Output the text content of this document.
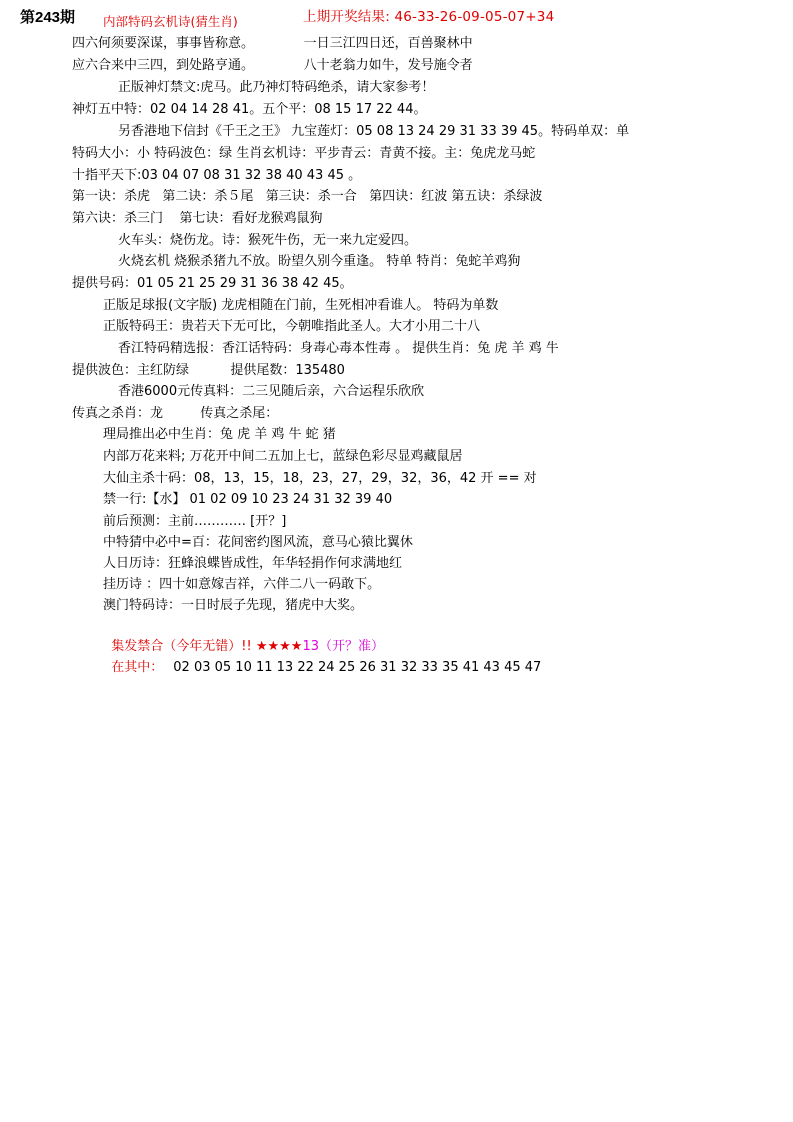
第243期 内部特码玄机诗(猜生肖)	上期开奖结果: 46-33-26-09-05-07+34
四六何须要深谋，事事皆称意。            一日三江四日还，百兽聚林中
应六合来中三四，到处路亨通。            八十老翁力如牛，发号施令者
正版神灯禁文:虎马。此乃神灯特码绝杀，请大家参考！
神灯五中特：02 04 14 28 41。五个平：08 15 17 22 44。
另香港地下信封《千王之王》 九宝莲灯：05 08 13 24 29 31 33 39 45。特码单双：单
特码大小：小 特码波色：绿 生肖玄机诗：平步青云：青黄不接。主：兔虎龙马蛇
十指平天下:03 04 07 08 31 32 38 40 43 45 。
第一诀：杀虎   第二诀：杀５尾   第三诀：杀一合   第四诀：红波 第五诀：杀绿波
第六诀：杀三门    第七诀：看好龙猴鸡鼠狗
火车头：烧伤龙。诗：猴死牛伤，无一来九定爱四。
火烧玄机 烧猴杀猪九不放。盼望久别今重逢。 特单 特肖：兔蛇羊鸡狗
提供号码：01 05 21 25 29 31 36 38 42 45。
正版足球报(文字版) 龙虎相随在门前，生死相冲看谁人。 特码为单数
正版特码王：贵若天下无可比，今朝唯指此圣人。大才小用二十八
香江特码精选报：香江话特码：身毒心毒本性毒 。 提供生肖：兔 虎 羊 鸡 牛
提供波色：主红防绿          提供尾数：135480
香港6000元传真料：二三见随后亲，六合运程乐欣欣
传真之杀肖：龙         传真之杀尾：
理局推出必中生肖：兔 虎 羊 鸡 牛 蛇 猪
内部万花来料; 万花开中间二五加上七，蓝绿色彩尽显鸡藏鼠居
大仙主杀十码：08，13，15，18，23，27，29，32，36，42 开 == 对
禁一行:【水】 01 02 09 10 23 24 31 32 39 40
前后预测：主前………… [开？]
中特猜中必中=百：花间密约图风流，意马心猿比翼休
人日历诗：狂蜂浪蝶皆成性，年华轻捐作何求满地红
挂历诗 ：四十如意嫁吉祥，六伴二八一码敢下。
澳门特码诗：一日时辰子先现，猪虎中大奖。

集发禁合（今年无错）!! ★★★★13（开？准）

在其中： 02 03 05 10 11 13 22 24 25 26 31 32 33 35 41 43 45 47
